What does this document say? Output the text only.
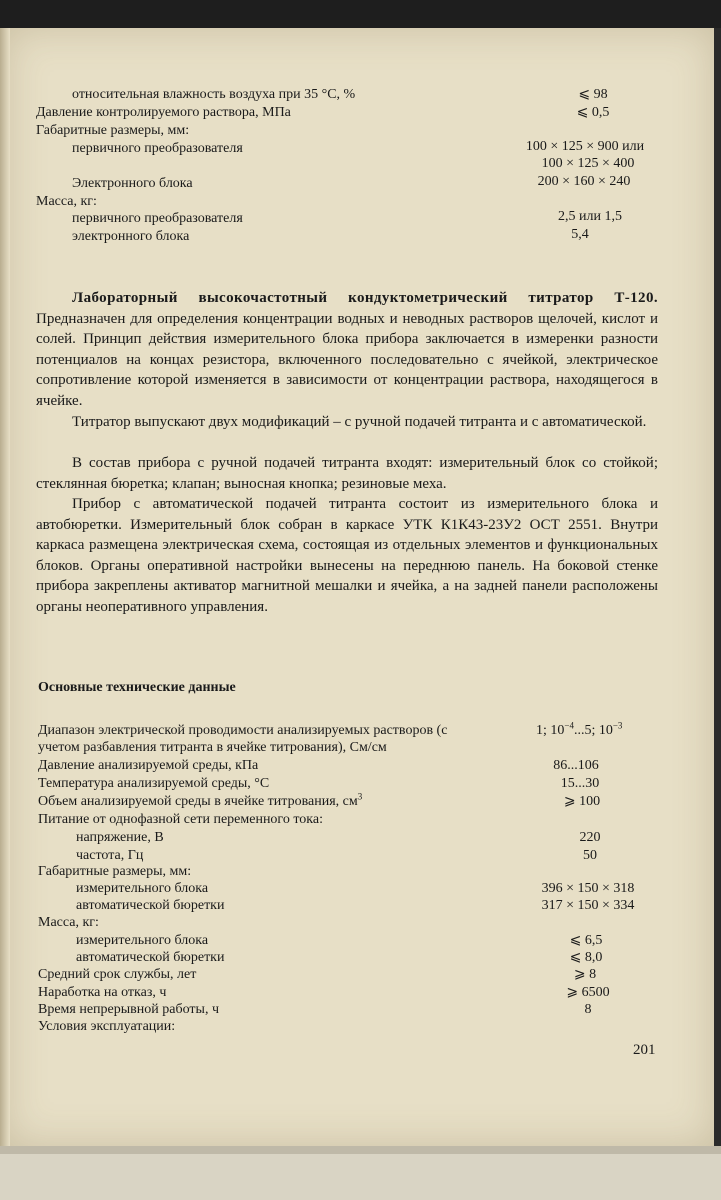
относительная влажность воздуха при 35 °С, %	⩽ 98
Давление контролируемого раствора, МПа	⩽ 0,5
Габаритные размеры, мм:
первичного преобразователя	100 × 125 × 900 или
100 × 125 × 400
Электронного блока	200 × 160 × 240
Масса, кг:
первичного преобразователя	2,5 или 1,5
электронного блока	5,4
Лабораторный высокочастотный кондуктометрический титратор Т-120. Предназначен для определения концентрации водных и неводных растворов щелочей, кислот и солей. Принцип действия измерительного блока прибора заключается в измеренки разности потенциалов на концах резистора, включенного последовательно с ячейкой, электрическое сопротивление которой изменяется в зависимости от концентрации раствора, находящегося в ячейке.
Титратор выпускают двух модификаций – с ручной подачей титранта и с автоматической.
В состав прибора с ручной подачей титранта входят: измерительный блок со стойкой; стеклянная бюретка; клапан; выносная кнопка; резиновые меха.
Прибор с автоматической подачей титранта состоит из измерительного блока и автобюретки. Измерительный блок собран в каркасе УТК К1К43-23У2 ОСТ 2551. Внутри каркаса размещена электрическая схема, состоящая из отдельных элементов и функциональных блоков. Органы оперативной настройки вынесены на переднюю панель. На боковой стенке прибора закреплены активатор магнитной мешалки и ячейка, а на задней панели расположены органы неоперативного управления.
Основные технические данные
Диапазон электрической проводимости анализируемых растворов (с
учетом разбавления титранта в ячейке титрования), См/см
1; $10^{-4}...5$; $10^{-3}$
Давление анализируемой среды, кПа	86...106
Температура анализируемой среды, °С	15...30
Объем анализируемой среды в ячейке титрования, $см^3$	⩾ 100
Питание от однофазной сети переменного тока:
напряжение, В	220
частота, Гц	50
Габаритные размеры, мм:
измерительного блока	396 × 150 × 318
автоматической бюретки	317 × 150 × 334
Масса, кг:
измерительного блока	⩽ 6,5
автоматической бюретки	⩽ 8,0
Средний срок службы, лет	⩾ 8
Наработка на отказ, ч	⩾ 6500
Время непрерывной работы, ч	8
Условия эксплуатации:
201
